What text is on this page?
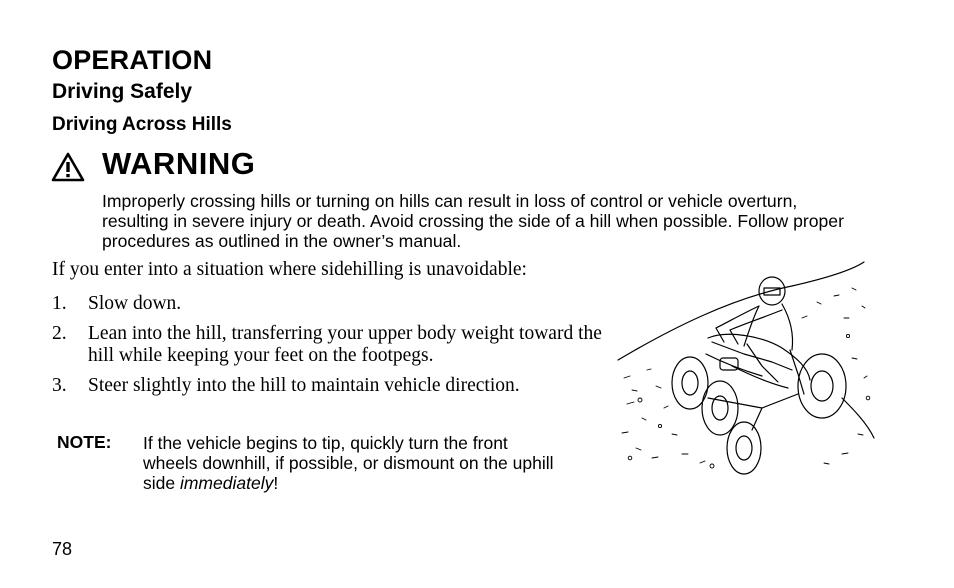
OPERATION
Driving Safely
Driving Across Hills
WARNING
Improperly crossing hills or turning on hills can result in loss of control or vehicle overturn, resulting in severe injury or death. Avoid crossing the side of a hill when possible. Follow proper procedures as outlined in the owner’s manual.
If you enter into a situation where sidehilling is unavoidable:
1. Slow down.
2. Lean into the hill, transferring your upper body weight toward the hill while keeping your feet on the footpegs.
3. Steer slightly into the hill to maintain vehicle direction.
NOTE: If the vehicle begins to tip, quickly turn the front wheels downhill, if possible, or dismount on the uphill side immediately!
78
